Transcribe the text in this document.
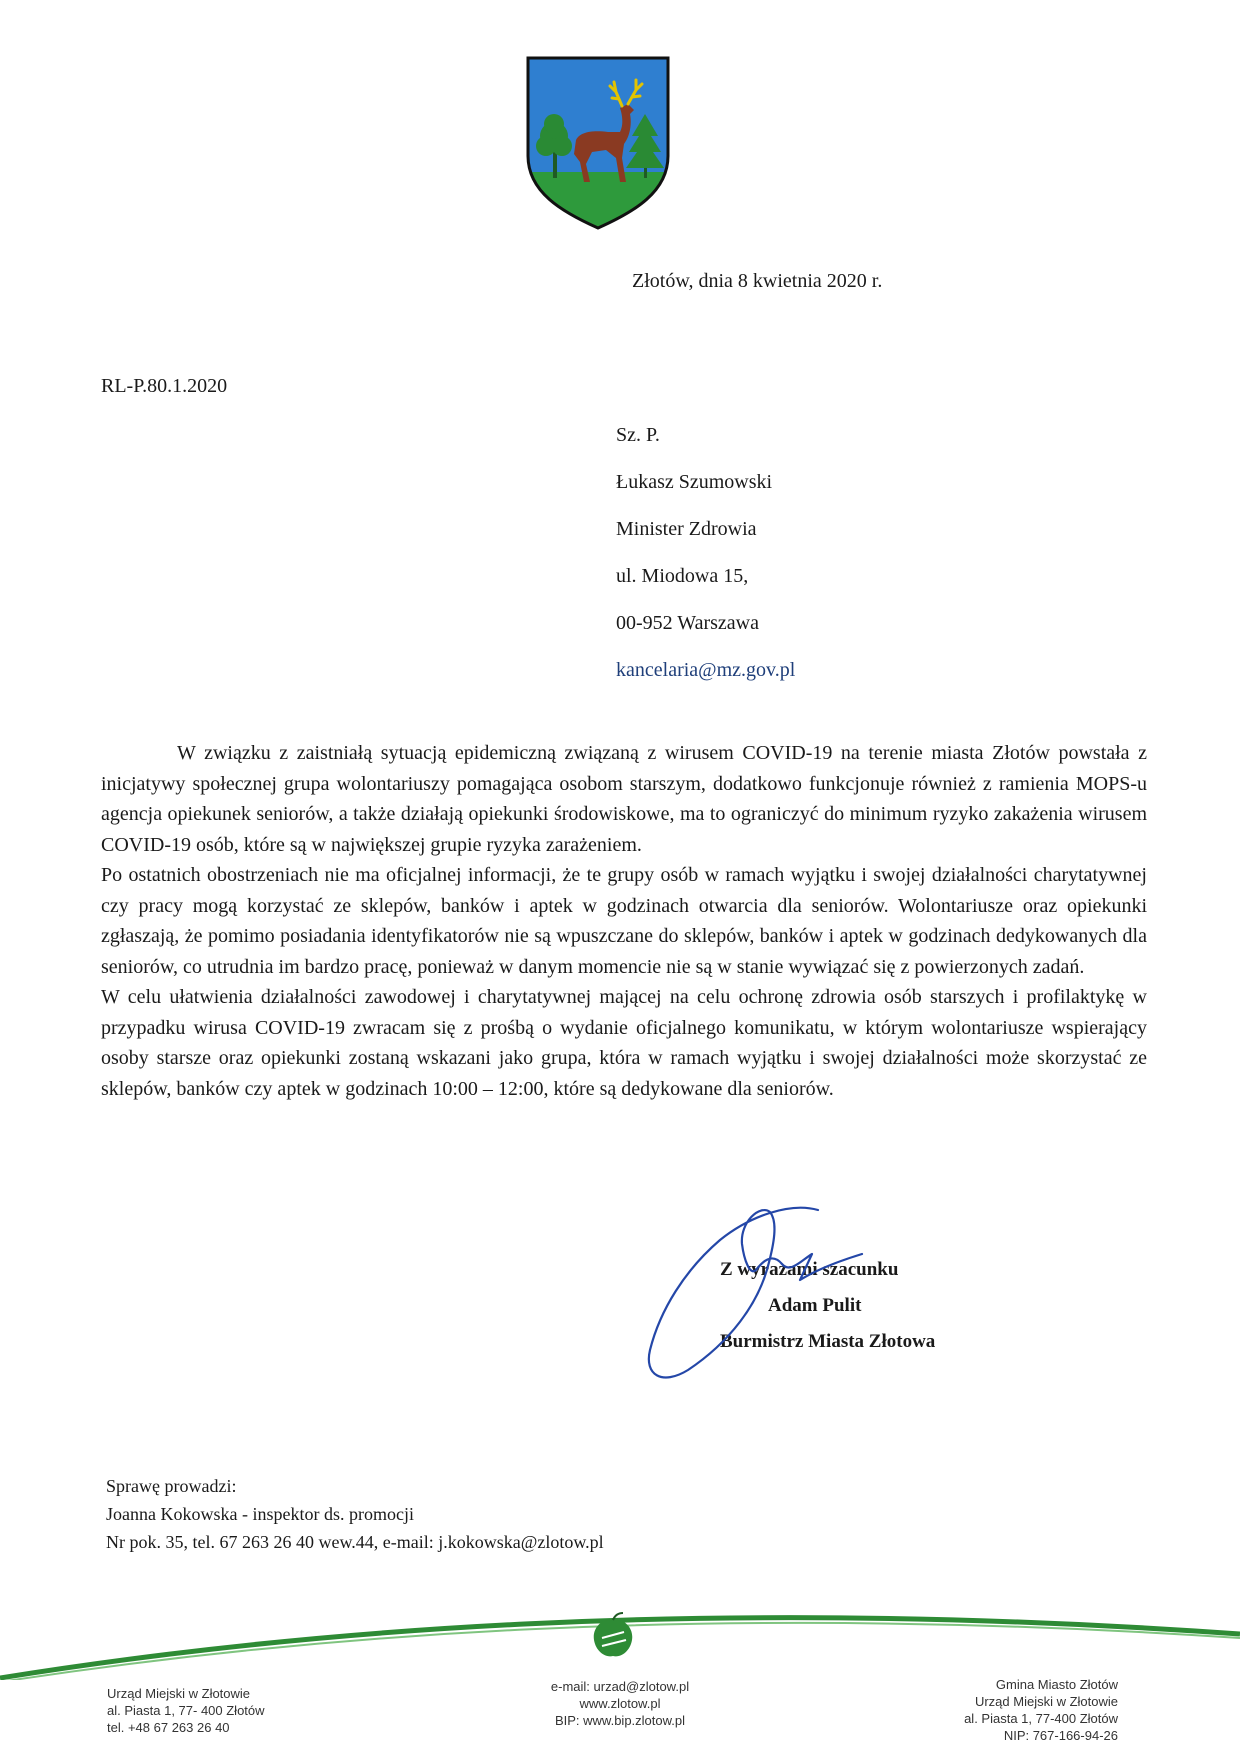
Złotów, dnia 8 kwietnia 2020 r.
RL-P.80.1.2020
Sz. P.
Łukasz Szumowski
Minister Zdrowia
ul. Miodowa 15,
00-952 Warszawa
kancelaria@mz.gov.pl

W związku z zaistniałą sytuacją epidemiczną związaną z wirusem COVID-19 na terenie miasta Złotów powstała z inicjatywy społecznej grupa wolontariuszy pomagająca osobom starszym, dodatkowo funkcjonuje również z ramienia MOPS-u agencja opiekunek seniorów, a także działają opiekunki środowiskowe, ma to ograniczyć do minimum ryzyko zakażenia wirusem COVID-19 osób, które są w największej grupie ryzyka zarażeniem.

Po ostatnich obostrzeniach nie ma oficjalnej informacji, że te grupy osób w ramach wyjątku i swojej działalności charytatywnej czy pracy mogą korzystać ze sklepów, banków i aptek w godzinach otwarcia dla seniorów. Wolontariusze oraz opiekunki zgłaszają, że pomimo posiadania identyfikatorów nie są wpuszczane do sklepów, banków i aptek w godzinach dedykowanych dla seniorów, co utrudnia im bardzo pracę, ponieważ w danym momencie nie są w stanie wywiązać się z powierzonych zadań.

W celu ułatwienia działalności zawodowej i charytatywnej mającej na celu ochronę zdrowia osób starszych i profilaktykę w przypadku wirusa COVID-19 zwracam się z prośbą o wydanie oficjalnego komunikatu, w którym wolontariusze wspierający osoby starsze oraz opiekunki zostaną wskazani jako grupa, która w ramach wyjątku i swojej działalności może skorzystać ze sklepów, banków czy aptek w godzinach 10:00 – 12:00, które są dedykowane dla seniorów.

Z wyrazami szacunku
Adam Pulit
Burmistrz Miasta Złotowa
Sprawę prowadzi:
Joanna Kokowska - inspektor ds. promocji
Nr pok. 35, tel. 67 263 26 40 wew.44, e-mail: j.kokowska@zlotow.pl
Urząd Miejski w Złotowie
al. Piasta 1, 77- 400 Złotów
tel. +48 67 263 26 40
e-mail: urzad@zlotow.pl
www.zlotow.pl
BIP: www.bip.zlotow.pl
Gmina Miasto Złotów
Urząd Miejski w Złotowie
al. Piasta 1, 77-400 Złotów
NIP: 767-166-94-26
